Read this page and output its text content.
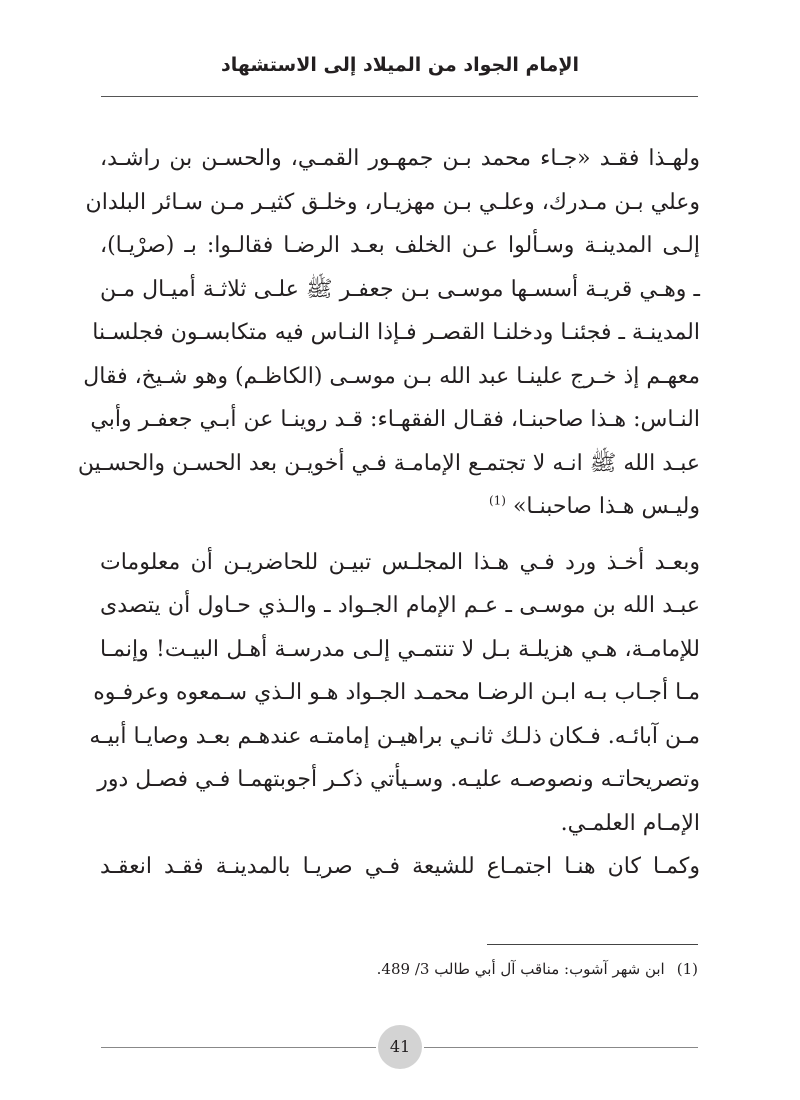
الإمام الجواد من الميلاد إلى الاستشهاد
ولهـذا فقـد «جـاء محمد بـن جمهـور القمـي، والحسـن بن راشـد،
وعلي بـن مـدرك، وعلـي بـن مهزيـار، وخلـق كثيـر مـن سـائر البلدان
إلـى المدينـة وسـألوا عـن الخلف بعـد الرضـا فقالـوا: بـ (صرْيـا)،
ـ وهـي قريـة أسسـها موسـى بـن جعفـر ﷺ علـى ثلاثـة أميـال مـن
المدينـة ـ فجئنـا ودخلنـا القصـر فـإذا النـاس فيه متكابسـون فجلسـنا
معهـم إذ خـرج علينـا عبد الله بـن موسـى (الكاظـم) وهو شـيخ، فقال
النـاس: هـذا صاحبنـا، فقـال الفقهـاء: قـد روينـا عن أبـي جعفـر وأبي
عبـد الله ﷺ انـه لا تجتمـع الإمامـة فـي أخويـن بعد الحسـن والحسـين
وليـس هـذا صاحبنـا» $^{(1)}$
وبعـد أخـذ ورد فـي هـذا المجلـس تبيـن للحاضريـن أن معلومات
عبـد الله بن موسـى ـ عـم الإمام الجـواد ـ والـذي حـاول أن يتصدى
للإمامـة، هـي هزيلـة بـل لا تنتمـي إلـى مدرسـة أهـل البيـت! وإنمـا
مـا أجـاب بـه ابـن الرضـا محمـد الجـواد هـو الـذي سـمعوه وعرفـوه
مـن آبائـه. فـكان ذلـك ثانـي براهيـن إمامتـه عندهـم بعـد وصايـا أبيـه
وتصريحاتـه ونصوصـه عليـه. وسـيأتي ذكـر أجوبتهمـا فـي فصـل دور
الإمـام العلمـي.
وكمـا كان هنـا اجتمـاع للشيعة فـي صريـا بالمدينـة فقـد انعقـد
(1)ابن شهر آشوب: مناقب آل أبي طالب 3/ 489.
41
